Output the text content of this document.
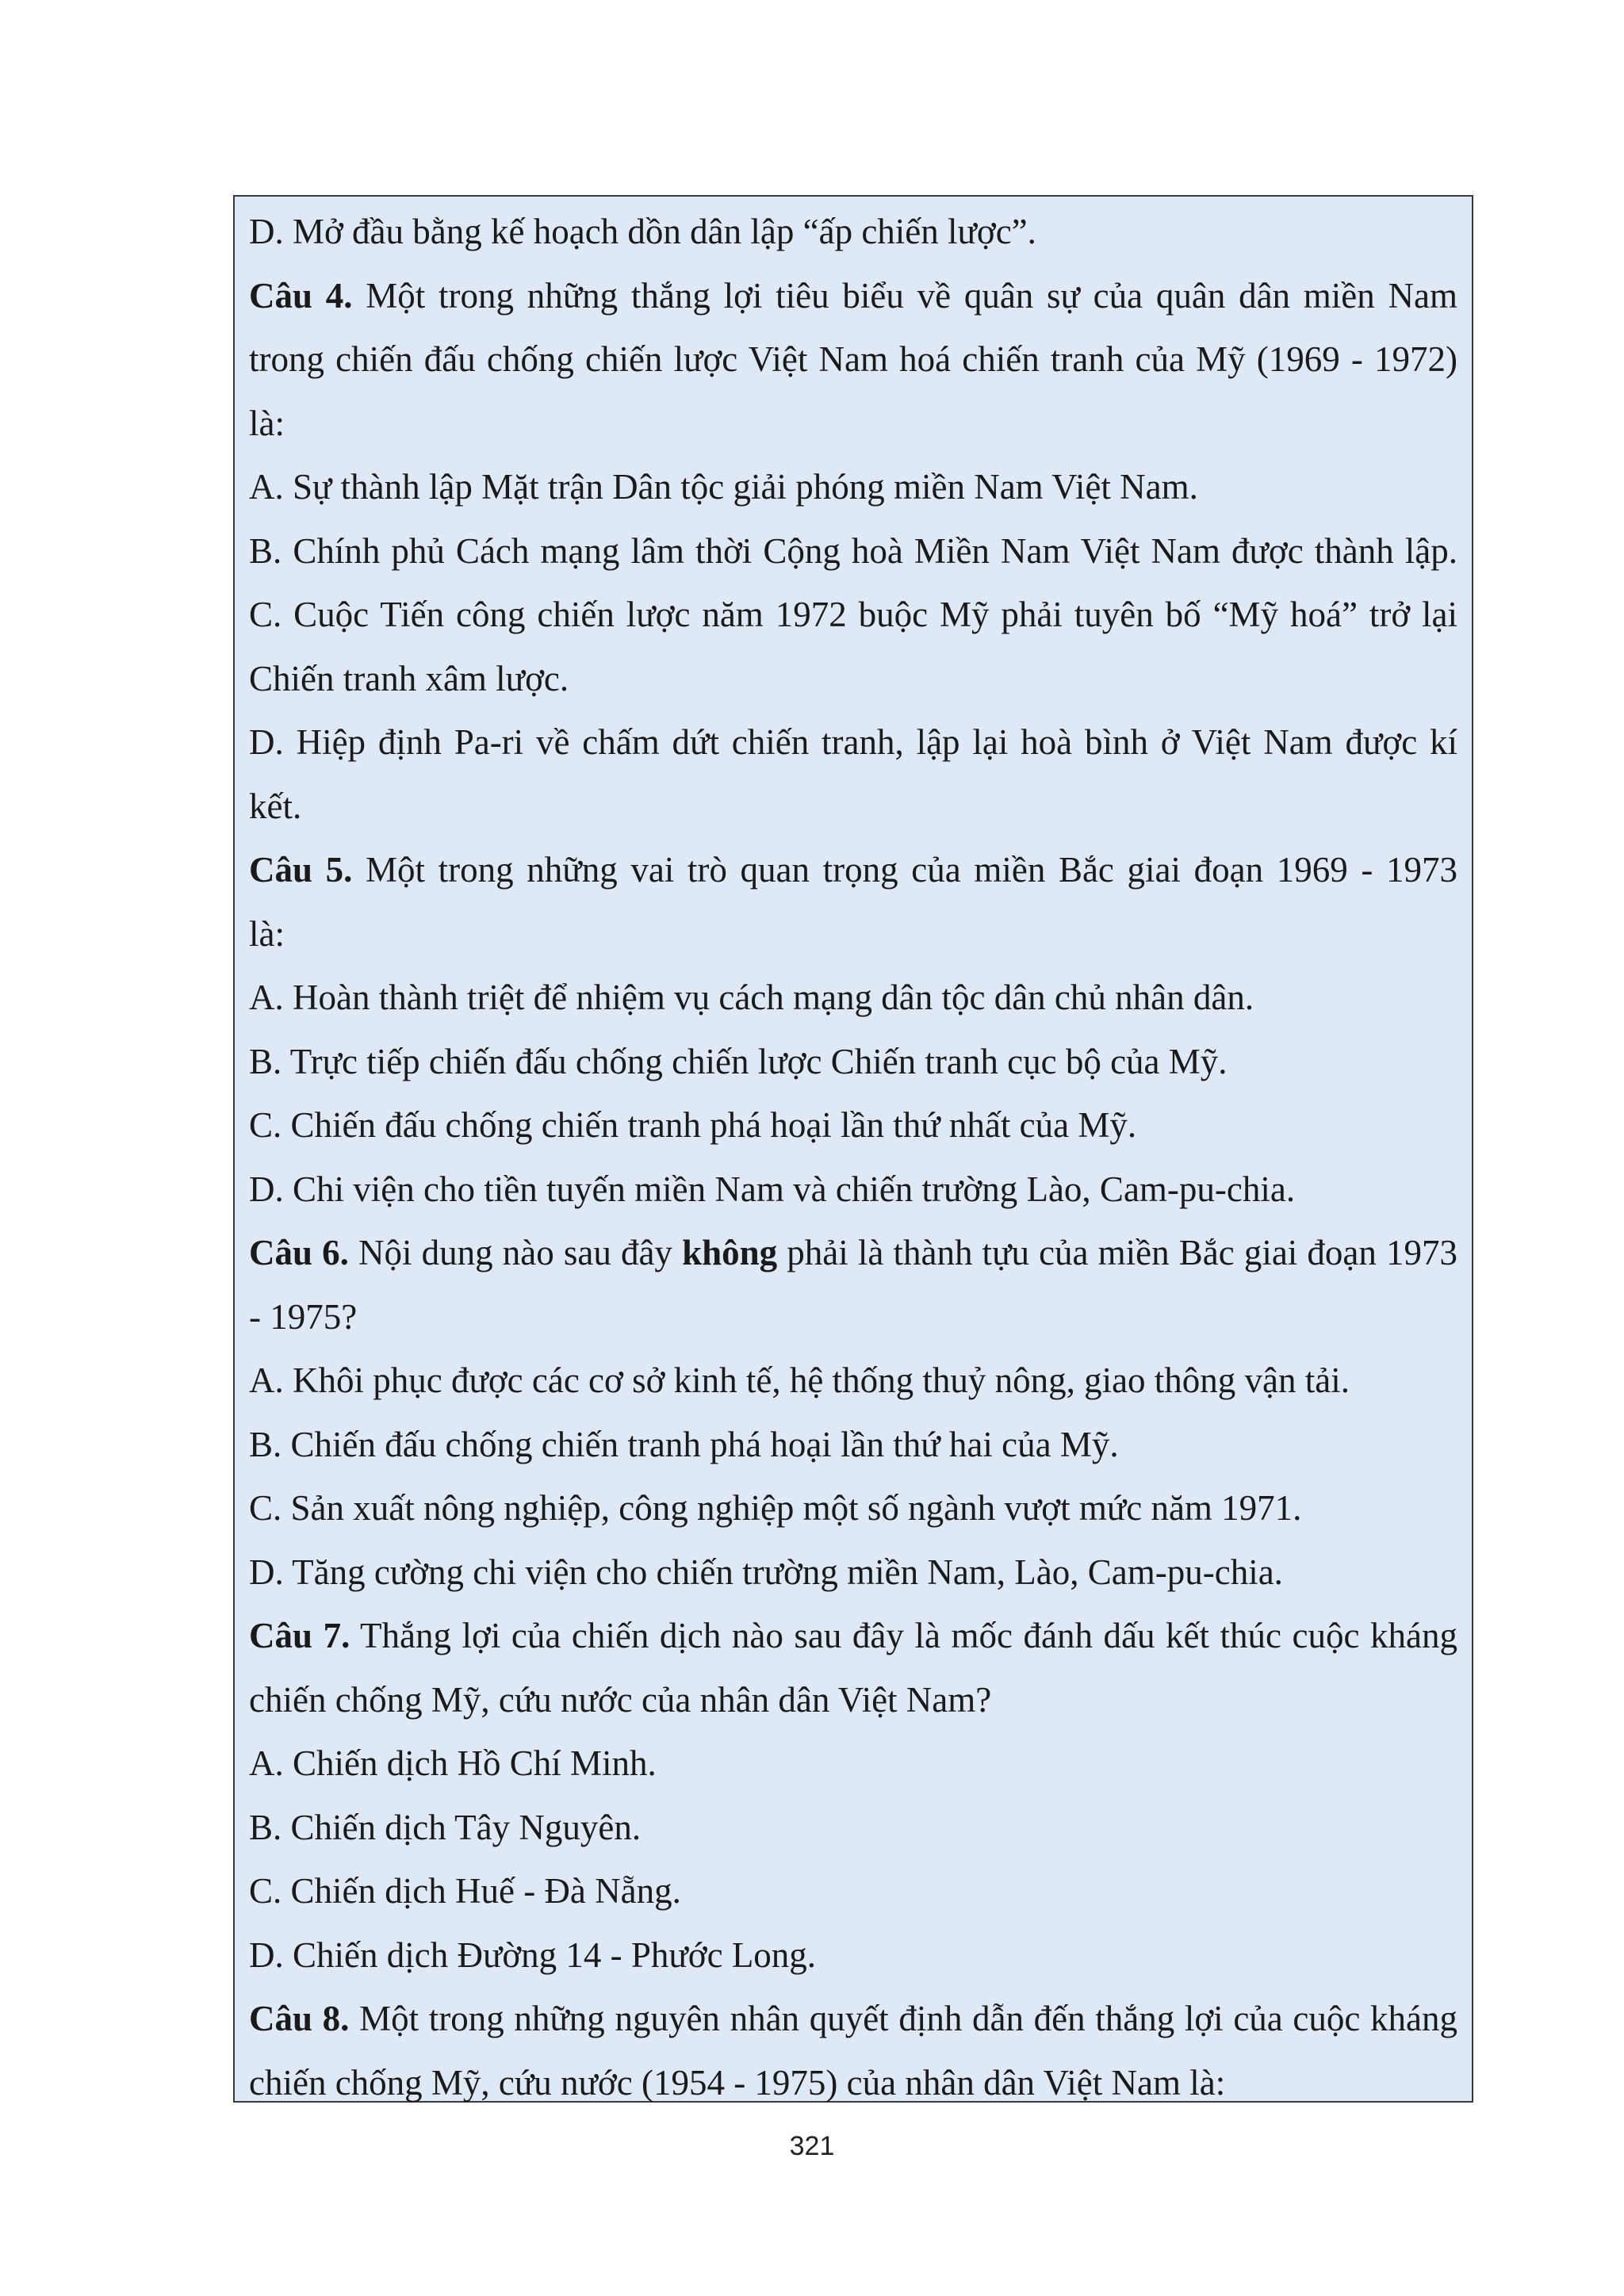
D. Mở đầu bằng kế hoạch dồn dân lập “ấp chiến lược”.
Câu 4. Một trong những thắng lợi tiêu biểu về quân sự của quân dân miền Nam
trong chiến đấu chống chiến lược Việt Nam hoá chiến tranh của Mỹ (1969 - 1972)
là:
A. Sự thành lập Mặt trận Dân tộc giải phóng miền Nam Việt Nam.
B. Chính phủ Cách mạng lâm thời Cộng hoà Miền Nam Việt Nam được thành lập.
C. Cuộc Tiến công chiến lược năm 1972 buộc Mỹ phải tuyên bố “Mỹ hoá” trở lại
Chiến tranh xâm lược.
D. Hiệp định Pa-ri về chấm dứt chiến tranh, lập lại hoà bình ở Việt Nam được kí
kết.
Câu 5. Một trong những vai trò quan trọng của miền Bắc giai đoạn 1969 - 1973
là:
A. Hoàn thành triệt để nhiệm vụ cách mạng dân tộc dân chủ nhân dân.
B. Trực tiếp chiến đấu chống chiến lược Chiến tranh cục bộ của Mỹ.
C. Chiến đấu chống chiến tranh phá hoại lần thứ nhất của Mỹ.
D. Chi viện cho tiền tuyến miền Nam và chiến trường Lào, Cam-pu-chia.
Câu 6. Nội dung nào sau đây không phải là thành tựu của miền Bắc giai đoạn 1973
- 1975?
A. Khôi phục được các cơ sở kinh tế, hệ thống thuỷ nông, giao thông vận tải.
B. Chiến đấu chống chiến tranh phá hoại lần thứ hai của Mỹ.
C. Sản xuất nông nghiệp, công nghiệp một số ngành vượt mức năm 1971.
D. Tăng cường chi viện cho chiến trường miền Nam, Lào, Cam-pu-chia.
Câu 7. Thắng lợi của chiến dịch nào sau đây là mốc đánh dấu kết thúc cuộc kháng
chiến chống Mỹ, cứu nước của nhân dân Việt Nam?
A. Chiến dịch Hồ Chí Minh.
B. Chiến dịch Tây Nguyên.
C. Chiến dịch Huế - Đà Nẵng.
D. Chiến dịch Đường 14 - Phước Long.
Câu 8. Một trong những nguyên nhân quyết định dẫn đến thắng lợi của cuộc kháng
chiến chống Mỹ, cứu nước (1954 - 1975) của nhân dân Việt Nam là:
321
